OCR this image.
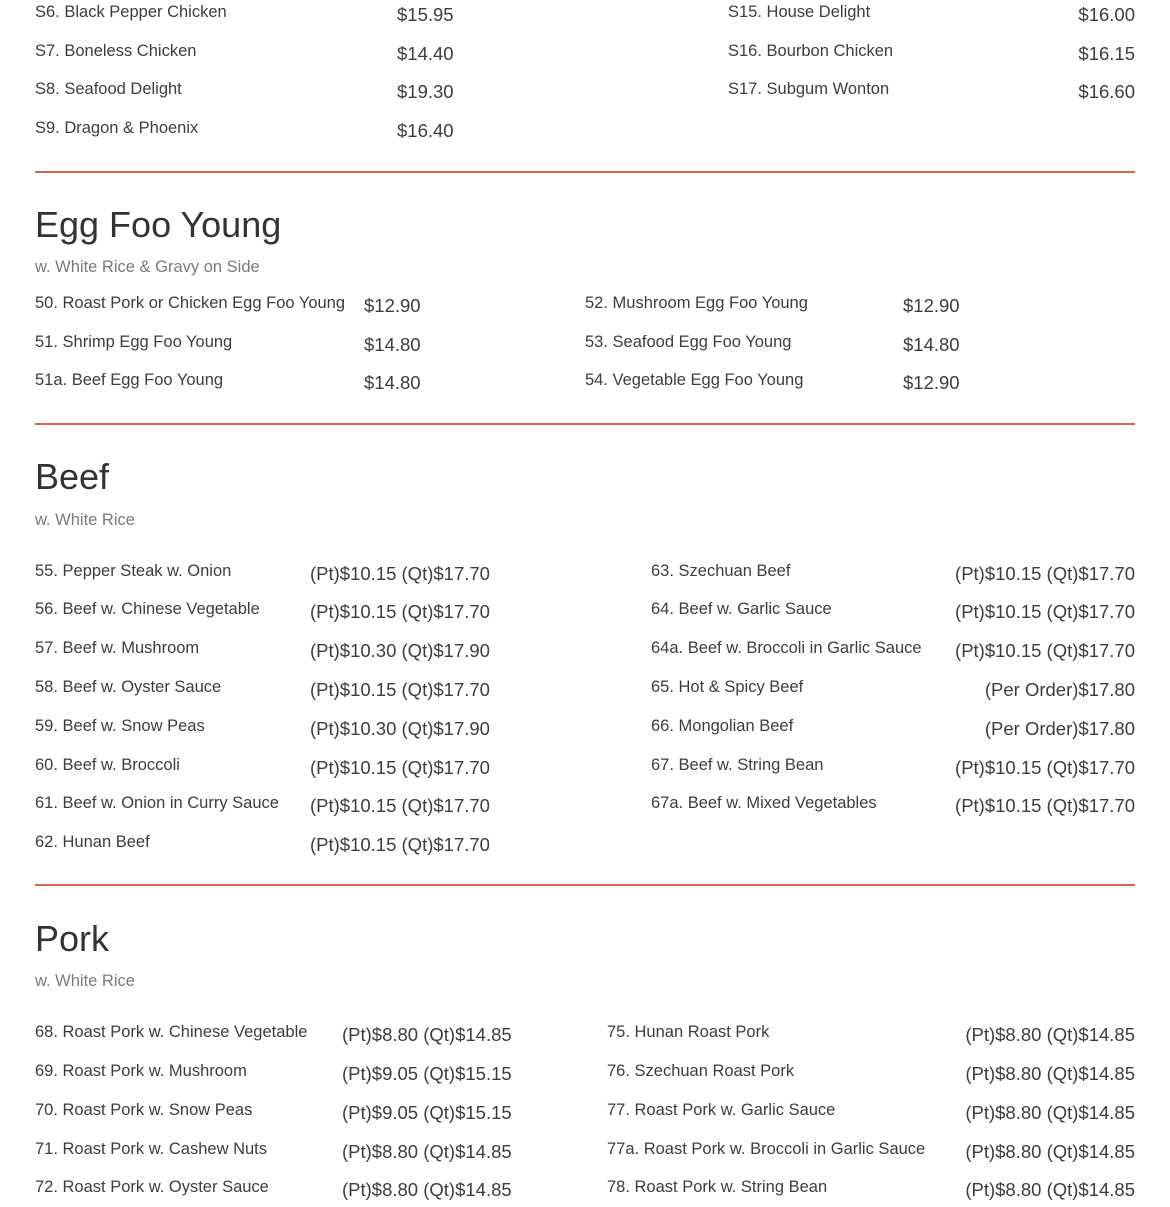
S6. Black Pepper Chicken	$15.95
S7. Boneless Chicken	$14.40
S8. Seafood Delight	$19.30
S9. Dragon & Phoenix	$16.40
S15. House Delight	$16.00
S16. Bourbon Chicken	$16.15
S17. Subgum Wonton	$16.60
Egg Foo Young
w. White Rice & Gravy on Side
50. Roast Pork or Chicken Egg Foo Young $12.90
51. Shrimp Egg Foo Young	$14.80
51a. Beef Egg Foo Young	$14.80
52. Mushroom Egg Foo Young	$12.90
53. Seafood Egg Foo Young	$14.80
54. Vegetable Egg Foo Young	$12.90
Beef
w. White Rice
55. Pepper Steak w. Onion	(Pt)$10.15 (Qt)$17.70
56. Beef w. Chinese Vegetable	(Pt)$10.15 (Qt)$17.70
57. Beef w. Mushroom	(Pt)$10.30 (Qt)$17.90
58. Beef w. Oyster Sauce	(Pt)$10.15 (Qt)$17.70
59. Beef w. Snow Peas	(Pt)$10.30 (Qt)$17.90
60. Beef w. Broccoli	(Pt)$10.15 (Qt)$17.70
61. Beef w. Onion in Curry Sauce (Pt)$10.15 (Qt)$17.70
62. Hunan Beef	(Pt)$10.15 (Qt)$17.70
63. Szechuan Beef	(Pt)$10.15 (Qt)$17.70
64. Beef w. Garlic Sauce	(Pt)$10.15 (Qt)$17.70
64a. Beef w. Broccoli in Garlic Sauce (Pt)$10.15 (Qt)$17.70
65. Hot & Spicy Beef	(Per Order)$17.80
66. Mongolian Beef	(Per Order)$17.80
67. Beef w. String Bean	(Pt)$10.15 (Qt)$17.70
67a. Beef w. Mixed Vegetables	(Pt)$10.15 (Qt)$17.70
Pork
w. White Rice
68. Roast Pork w. Chinese Vegetable (Pt)$8.80 (Qt)$14.85
69. Roast Pork w. Mushroom	(Pt)$9.05 (Qt)$15.15
70. Roast Pork w. Snow Peas	(Pt)$9.05 (Qt)$15.15
71. Roast Pork w. Cashew Nuts	(Pt)$8.80 (Qt)$14.85
72. Roast Pork w. Oyster Sauce	(Pt)$8.80 (Qt)$14.85
75. Hunan Roast Pork	(Pt)$8.80 (Qt)$14.85
76. Szechuan Roast Pork	(Pt)$8.80 (Qt)$14.85
77. Roast Pork w. Garlic Sauce	(Pt)$8.80 (Qt)$14.85
77a. Roast Pork w. Broccoli in Garlic Sauce (Pt)$8.80 (Qt)$14.85
78. Roast Pork w. String Bean	(Pt)$8.80 (Qt)$14.85
